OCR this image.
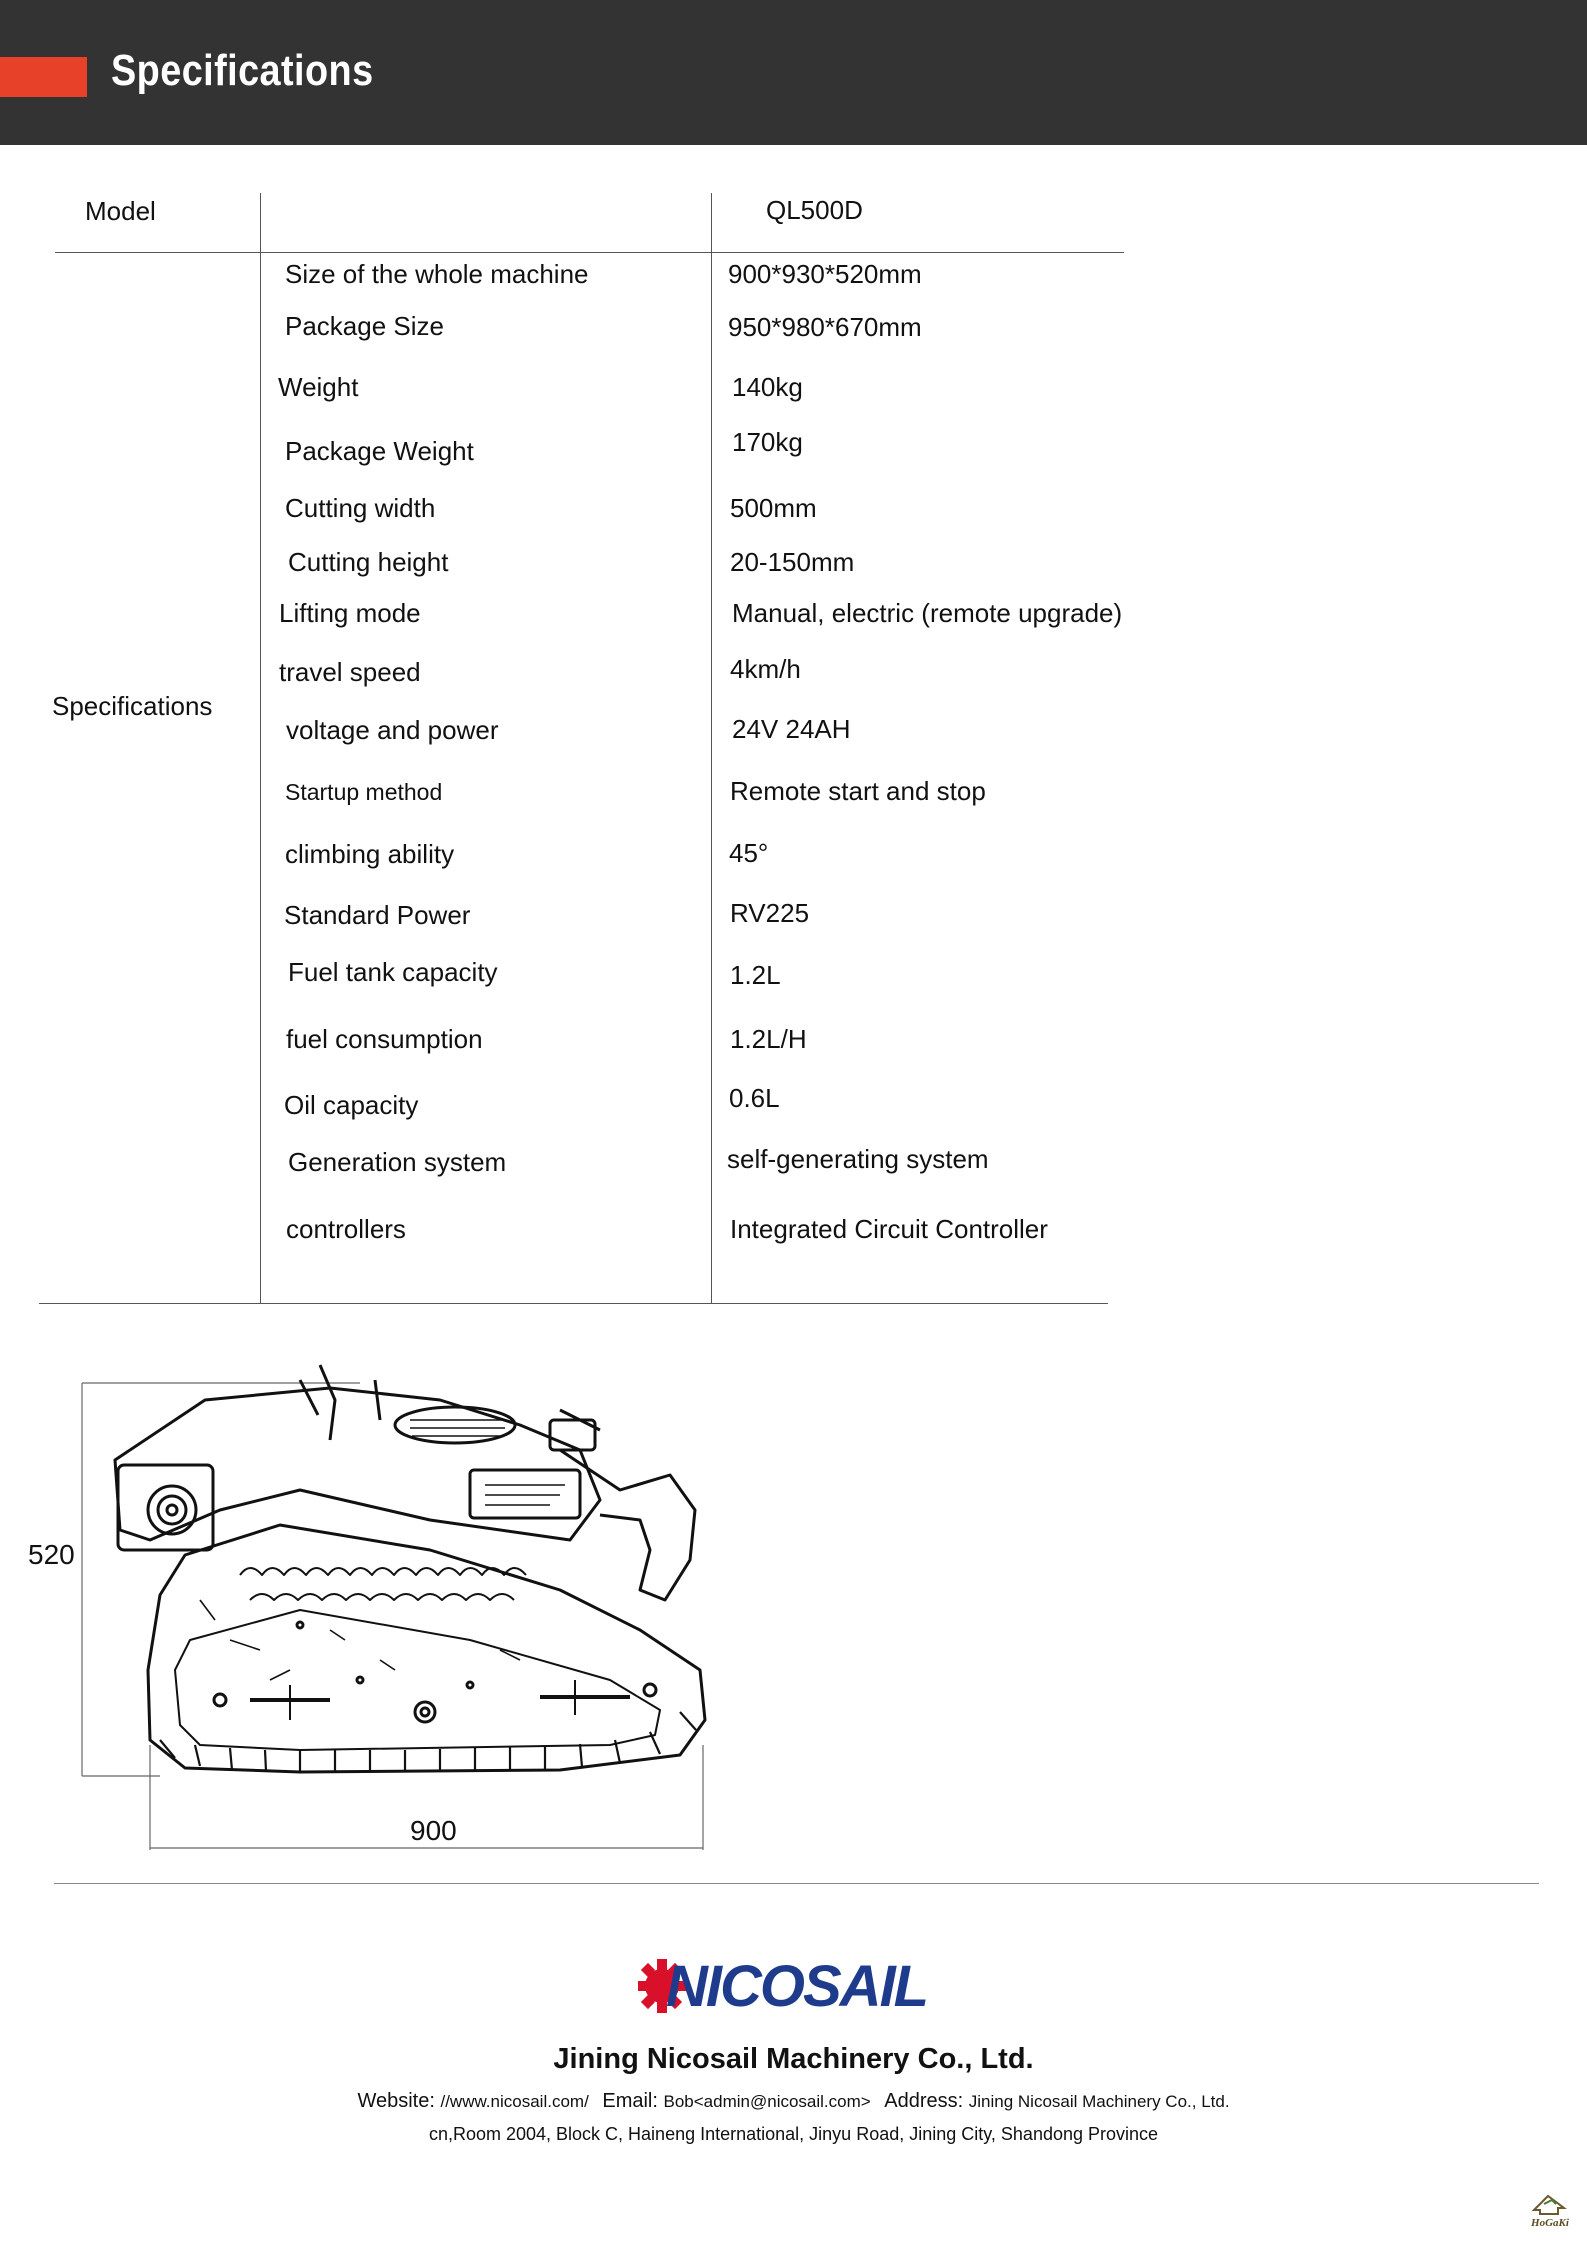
Specifications
Model	QL500D
Specifications
Size of the whole machine	900*930*520mm
Package Size	950*980*670mm
Weight	140kg
Package Weight	170kg
Cutting width	500mm
Cutting height	20-150mm
Lifting mode	Manual, electric (remote upgrade)
travel speed	4km/h
voltage and power	24V 24AH
Startup method	Remote start and stop
climbing ability	45°
Standard Power	RV225
Fuel tank capacity	1.2L
fuel consumption	1.2L/H
Oil capacity	0.6L
Generation system	self-generating system
controllers	Integrated Circuit Controller
520
900
NICOSAIL
Jining Nicosail Machinery Co., Ltd.
Website: //www.nicosail.com/ Email: Bob<admin@nicosail.com> Address: Jining Nicosail Machinery Co., Ltd.
cn,Room 2004, Block C, Haineng International, Jinyu Road, Jining City, Shandong Province
HoGaKi
